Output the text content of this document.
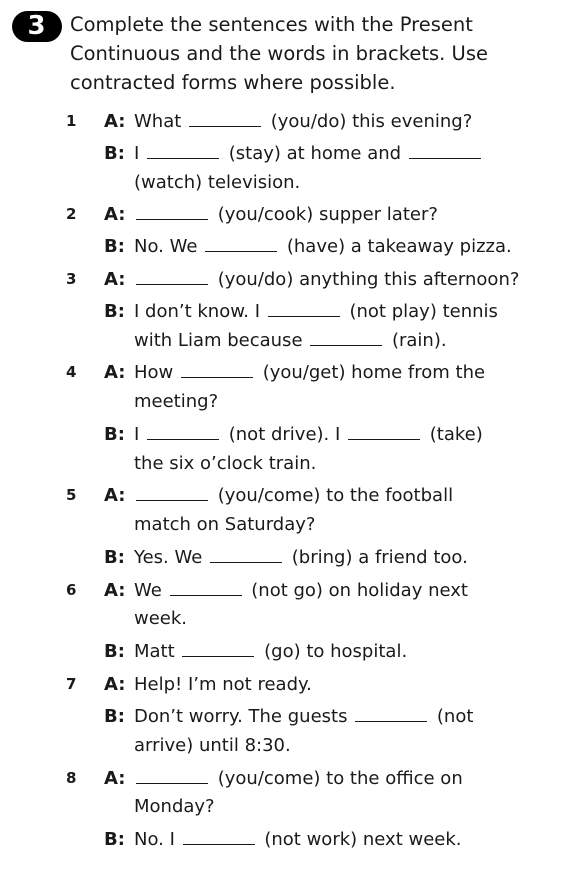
3	Complete the sentences with the Present
Continuous and the words in brackets. Use
contracted forms where possible.
1 A: What	(you/do) this evening?
B: I	(stay) at home and
(watch) television.
2 A:	(you/cook) supper later?
B: No. We	(have) a takeaway pizza.
3 A:	(you/do) anything this afternoon?
B: I don’t know. I	(not play) tennis
with Liam because	(rain).
4 A: How	(you/get) home from the
meeting?
B: I	(not drive). I	(take)
the six o’clock train.
5 A:	(you/come) to the football
match on Saturday?
B: Yes. We	(bring) a friend too.
6 A: We	(not go) on holiday next
week.
B: Matt	(go) to hospital.
7 A: Help! I’m not ready.
B: Don’t worry. The guests	(not
arrive) until 8:30.
8 A:	(you/come) to the office on
Monday?
B: No. I	(not work) next week.
